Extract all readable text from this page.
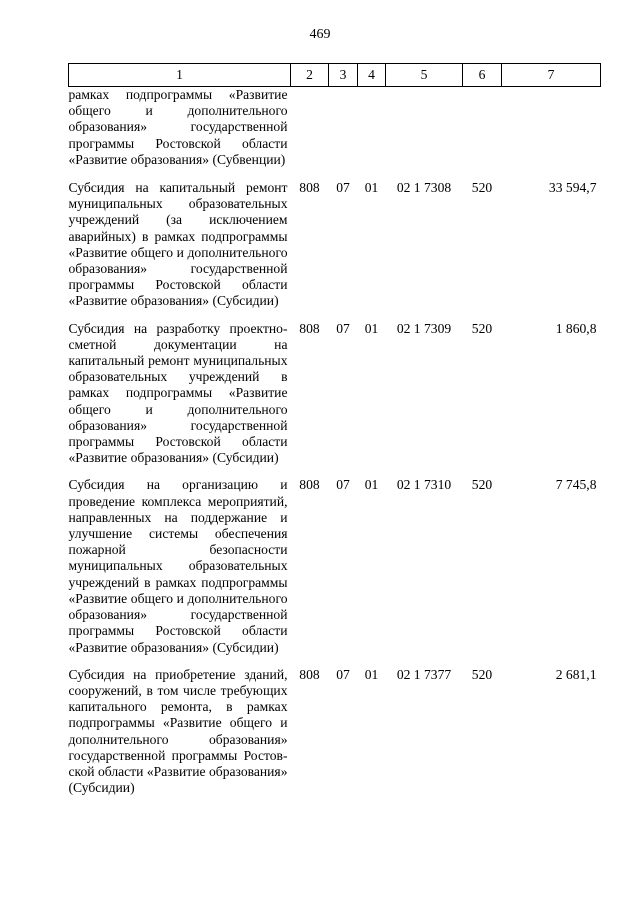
469
1	2	3	4	5	6	7
рамках подпрограммы «Развитие общего и дополнительного образования» государственной программы Ростовской области «Развитие образования» (Субвенции)						
Субсидия на капитальный ремонт муниципальных образовательных учреждений (за исключением аварийных) в рамках подпрограммы «Развитие общего и дополнительного образования» государственной программы Ростовской области «Развитие образования» (Субсидии)	808	07	01	02 1 7308	520	33 594,7
Субсидия на разработку проектно-сметной документации на капитальный ремонт муниципальных образовательных учреждений в рамках подпрограммы «Развитие общего и дополнительного образования» государственной программы Ростовской области «Развитие образования» (Субсидии)	808	07	01	02 1 7309	520	1 860,8
Субсидия на организацию и проведение комплекса мероприятий, направленных на поддержание и улучшение системы обеспечения пожарной безопасности муниципальных образовательных учреждений в рамках подпрограммы «Развитие общего и дополнительного образования» государственной программы Ростовской области «Развитие образования» (Субсидии)	808	07	01	02 1 7310	520	7 745,8
Субсидия на приобретение зданий, сооружений, в том числе требующих капитального ремонта, в рамках подпрограммы «Развитие общего и дополнительного образования» государственной программы Ростовской области «Развитие образования» (Субсидии)	808	07	01	02 1 7377	520	2 681,1
